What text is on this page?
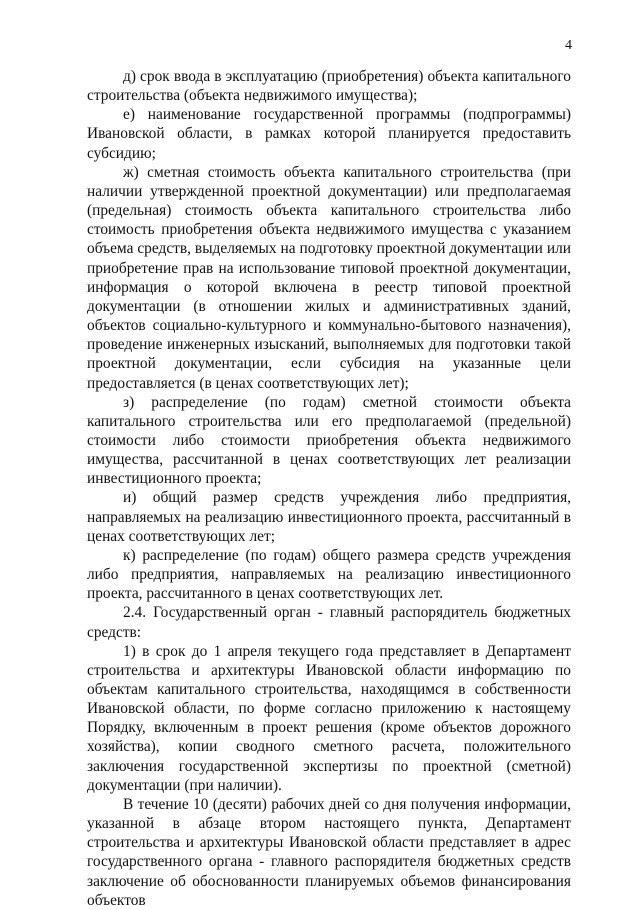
4

д) срок ввода в эксплуатацию (приобретения) объекта капитального строительства (объекта недвижимого имущества);

е) наименование государственной программы (подпрограммы) Ивановской области, в рамках которой планируется предоставить субсидию;

ж) сметная стоимость объекта капитального строительства (при наличии утвержденной проектной документации) или предполагаемая (предельная) стоимость объекта капитального строительства либо стоимость приобретения объекта недвижимого имущества с указанием объема средств, выделяемых на подготовку проектной документации или приобретение прав на использование типовой проектной документации, информация о которой включена в реестр типовой проектной документации (в отношении жилых и административных зданий, объектов социально-культурного и коммунально-бытового назначения), проведение инженерных изысканий, выполняемых для подготовки такой проектной документации, если субсидия на указанные цели предоставляется (в ценах соответствующих лет);

з) распределение (по годам) сметной стоимости объекта капитального строительства или его предполагаемой (предельной) стоимости либо стоимости приобретения объекта недвижимого имущества, рассчитанной в ценах соответствующих лет реализации инвестиционного проекта;

и) общий размер средств учреждения либо предприятия, направляемых на реализацию инвестиционного проекта, рассчитанный в ценах соответствующих лет;

к) распределение (по годам) общего размера средств учреждения либо предприятия, направляемых на реализацию инвестиционного проекта, рассчитанного в ценах соответствующих лет.

2.4. Государственный орган - главный распорядитель бюджетных средств:

1) в срок до 1 апреля текущего года представляет в Департамент строительства и архитектуры Ивановской области информацию по объектам капитального строительства, находящимся в собственности Ивановской области, по форме согласно приложению к настоящему Порядку, включенным в проект решения (кроме объектов дорожного хозяйства), копии сводного сметного расчета, положительного заключения государственной экспертизы по проектной (сметной) документации (при наличии).

В течение 10 (десяти) рабочих дней со дня получения информации, указанной в абзаце втором настоящего пункта, Департамент строительства и архитектуры Ивановской области представляет в адрес государственного органа - главного распорядителя бюджетных средств заключение об обоснованности планируемых объемов финансирования объектов
